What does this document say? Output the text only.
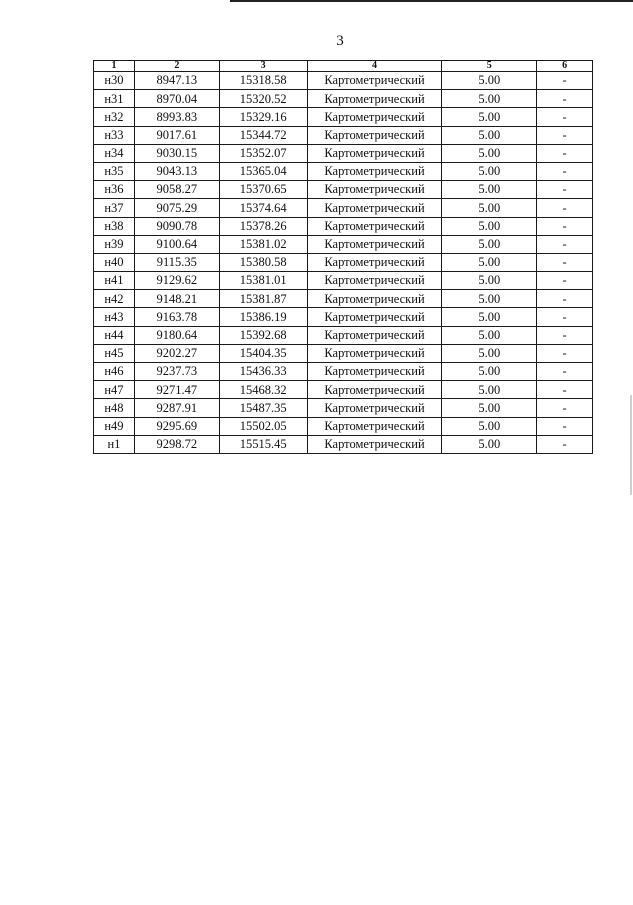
3
1	2	3	4	5	6
н30	8947.13	15318.58	Картометрический	5.00	-
н31	8970.04	15320.52	Картометрический	5.00	-
н32	8993.83	15329.16	Картометрический	5.00	-
н33	9017.61	15344.72	Картометрический	5.00	-
н34	9030.15	15352.07	Картометрический	5.00	-
н35	9043.13	15365.04	Картометрический	5.00	-
н36	9058.27	15370.65	Картометрический	5.00	-
н37	9075.29	15374.64	Картометрический	5.00	-
н38	9090.78	15378.26	Картометрический	5.00	-
н39	9100.64	15381.02	Картометрический	5.00	-
н40	9115.35	15380.58	Картометрический	5.00	-
н41	9129.62	15381.01	Картометрический	5.00	-
н42	9148.21	15381.87	Картометрический	5.00	-
н43	9163.78	15386.19	Картометрический	5.00	-
н44	9180.64	15392.68	Картометрический	5.00	-
н45	9202.27	15404.35	Картометрический	5.00	-
н46	9237.73	15436.33	Картометрический	5.00	-
н47	9271.47	15468.32	Картометрический	5.00	-
н48	9287.91	15487.35	Картометрический	5.00	-
н49	9295.69	15502.05	Картометрический	5.00	-
н1	9298.72	15515.45	Картометрический	5.00	-
